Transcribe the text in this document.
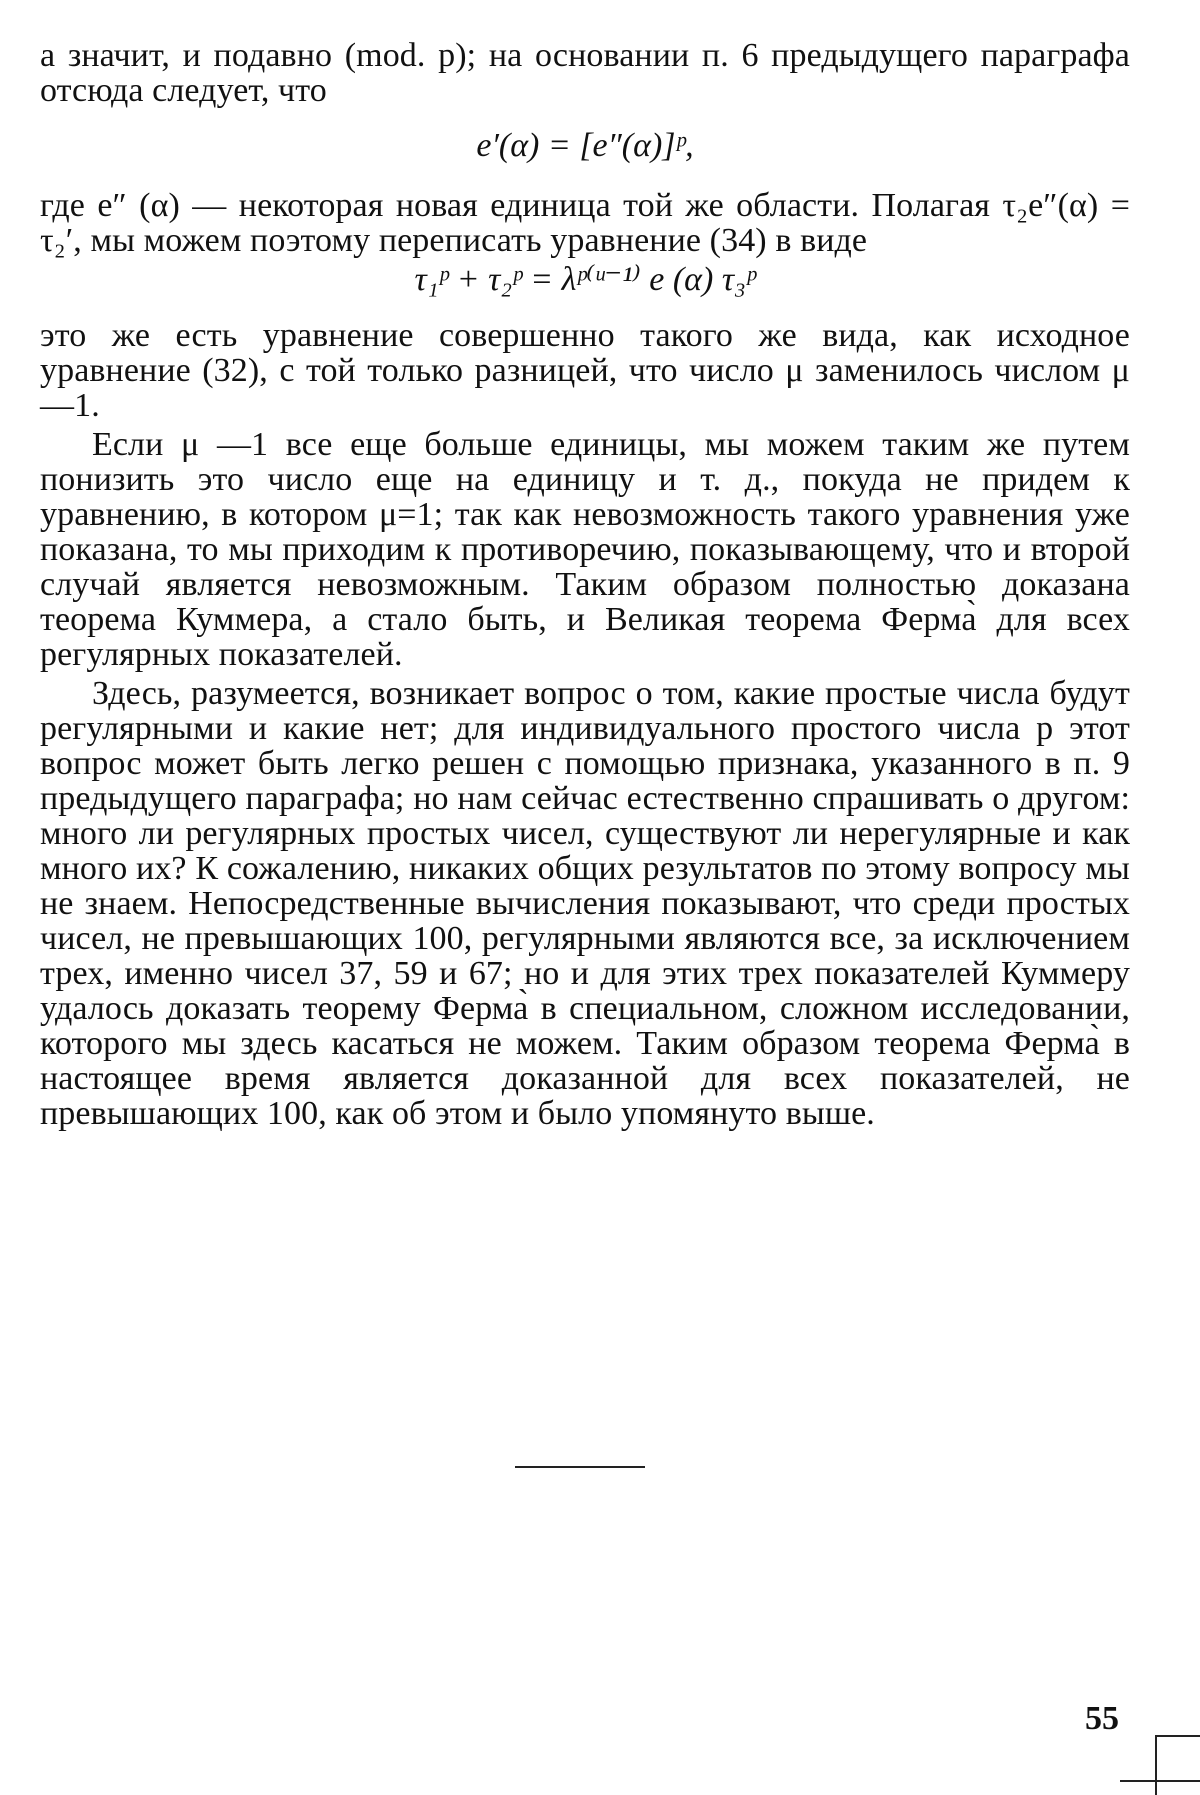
а значит, и подавно (mod. p); на основании п. 6 предыдущего параграфа отсюда следует, что

e′(α) = [e″(α)]ᵖ,

где e″ (α) — некоторая новая единица той же области. Полагая τ₂e″(α) = τ₂′, мы можем поэтому переписать уравнение (34) в виде

τ₁ᵖ + τ₂ᵖ = λᵖ⁽ᵘ⁻¹⁾ e (α) τ₃ᵖ

это же есть уравнение совершенно такого же вида, как исходное уравнение (32), с той только разницей, что число μ заменилось числом μ—1.

Если μ —1 все еще больше единицы, мы можем таким же путем понизить это число еще на единицу и т. д., покуда не придем к уравнению, в котором μ=1; так как невозможность такого уравнения уже показана, то мы приходим к противоречию, показывающему, что и второй случай является невозможным. Таким образом полностью доказана теорема Куммера, а стало быть, и Великая теорема Ферма̀ для всех регулярных показателей.

Здесь, разумеется, возникает вопрос о том, какие простые числа будут регулярными и какие нет; для индивидуального простого числа p этот вопрос может быть легко решен с помощью признака, указанного в п. 9 предыдущего параграфа; но нам сейчас естественно спрашивать о другом: много ли регулярных простых чисел, существуют ли нерегулярные и как много их? К сожалению, никаких общих результатов по этому вопросу мы не знаем. Непосредственные вычисления показывают, что среди простых чисел, не превышающих 100, регулярными являются все, за исключением трех, именно чисел 37, 59 и 67; но и для этих трех показателей Куммеру удалось доказать теорему Ферма̀ в специальном, сложном исследовании, которого мы здесь касаться не можем. Таким образом теорема Ферма̀ в настоящее время является доказанной для всех показателей, не превышающих 100, как об этом и было упомянуто выше.

55
